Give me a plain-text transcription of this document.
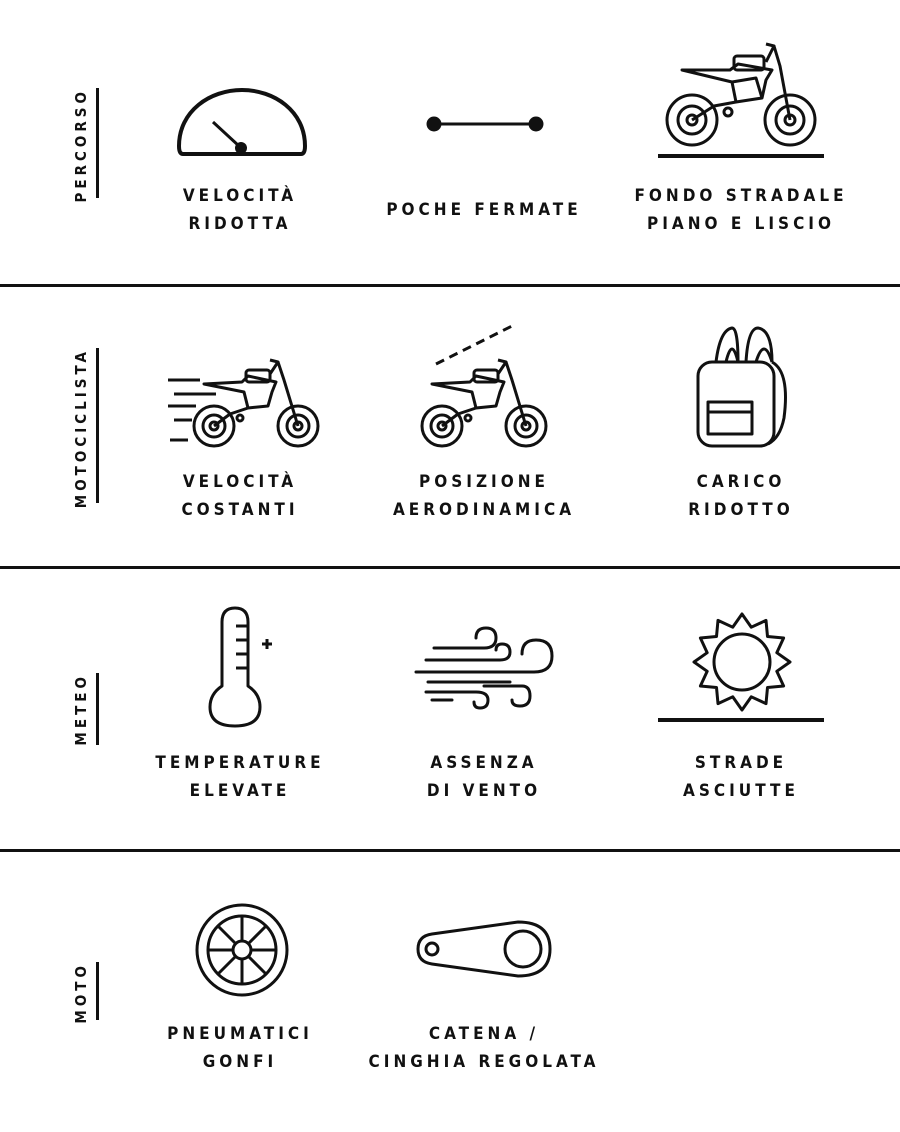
PERCORSO
MOTOCICLISTA
METEO
MOTO
VELOCITÀ
RIDOTTA
POCHE FERMATE
FONDO STRADALE
PIANO E LISCIO
VELOCITÀ
COSTANTI
POSIZIONE
AERODINAMICA
CARICO
RIDOTTO
TEMPERATURE
ELEVATE
ASSENZA
DI VENTO
STRADE
ASCIUTTE
PNEUMATICI
GONFI
CATENA /
CINGHIA REGOLATA
